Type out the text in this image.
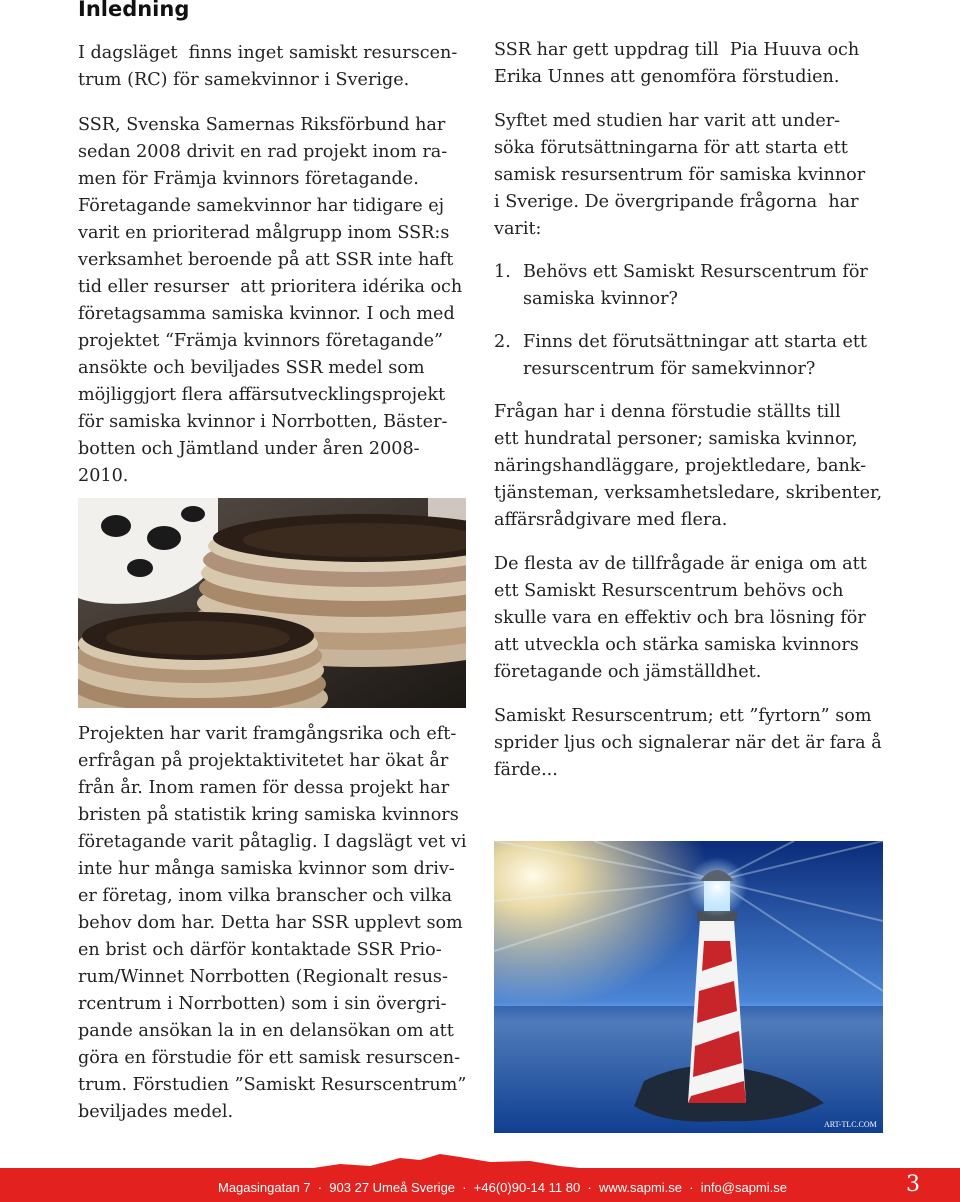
Inledning
I dagsläget  finns inget samiskt resurscen-
trum (RC) för samekvinnor i Sverige.
SSR, Svenska Samernas Riksförbund har
sedan 2008 drivit en rad projekt inom ra-
men för Främja kvinnors företagande.
Företagande samekvinnor har tidigare ej
varit en prioriterad målgrupp inom SSR:s
verksamhet beroende på att SSR inte haft
tid eller resurser  att prioritera idérika och
företagsamma samiska kvinnor. I och med
projektet “Främja kvinnors företagande”
ansökte och beviljades SSR medel som
möjliggjort flera affärsutvecklingsprojekt
för samiska kvinnor i Norrbotten, Bäster-
botten och Jämtland under åren 2008-
2010.
Projekten har varit framgångsrika och eft-
erfrågan på projektaktivitetet har ökat år
från år. Inom ramen för dessa projekt har
bristen på statistik kring samiska kvinnors
företagande varit påtaglig. I dagslägt vet vi
inte hur många samiska kvinnor som driv-
er företag, inom vilka branscher och vilka
behov dom har. Detta har SSR upplevt som
en brist och därför kontaktade SSR Prio-
rum/Winnet Norrbotten (Regionalt resus-
rcentrum i Norrbotten) som i sin övergri-
pande ansökan la in en delansökan om att
göra en förstudie för ett samisk resurscen-
trum. Förstudien ”Samiskt Resurscentrum”
beviljades medel.
SSR har gett uppdrag till  Pia Huuva och
Erika Unnes att genomföra förstudien.
Syftet med studien har varit att under-
söka förutsättningarna för att starta ett
samisk resursentrum för samiska kvinnor
i Sverige. De övergripande frågorna  har
varit:
1. Behövs ett Samiskt Resurscentrum för
samiska kvinnor?
2. Finns det förutsättningar att starta ett
resurscentrum för samekvinnor?
Frågan har i denna förstudie ställts till
ett hundratal personer; samiska kvinnor,
näringshandläggare, projektledare, bank-
tjänsteman, verksamhetsledare, skribenter,
affärsrådgivare med flera.
De flesta av de tillfrågade är eniga om att
ett Samiskt Resurscentrum behövs och
skulle vara en effektiv och bra lösning för
att utveckla och stärka samiska kvinnors
företagande och jämställdhet.
Samiskt Resurscentrum; ett ”fyrtorn” som
sprider ljus och signalerar när det är fara å
färde...
ART-TLC.COM
Magasingatan 7  ·  903 27 Umeå Sverige  ·  +46(0)90-14 11 80  ·  www.sapmi.se  ·  info@sapmi.se	3
